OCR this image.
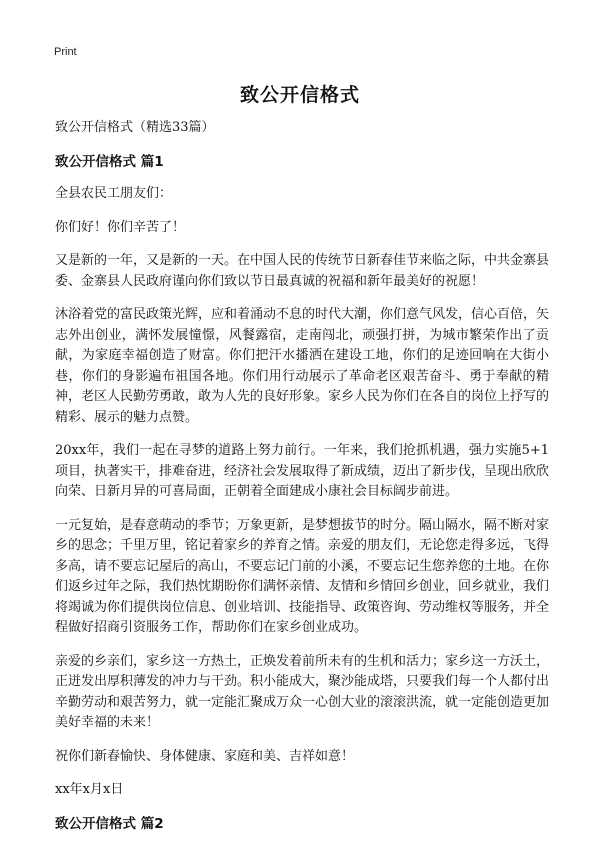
Print
致公开信格式

致公开信格式（精选33篇）

致公开信格式 篇1

全县农民工朋友们：

你们好！你们辛苦了！

又是新的一年，又是新的一天。在中国人民的传统节日新春佳节来临之际，中共金寨县委、金寨县人民政府谨向你们致以节日最真诚的祝福和新年最美好的祝愿！

沐浴着党的富民政策光辉，应和着涌动不息的时代大潮，你们意气风发，信心百倍，矢志外出创业，满怀发展憧憬，风餐露宿，走南闯北，顽强打拼，为城市繁荣作出了贡献，为家庭幸福创造了财富。你们把汗水播洒在建设工地，你们的足迹回响在大街小巷，你们的身影遍布祖国各地。你们用行动展示了革命老区艰苦奋斗、勇于奉献的精神，老区人民勤劳勇敢，敢为人先的良好形象。家乡人民为你们在各自的岗位上抒写的精彩、展示的魅力点赞。

20xx年，我们一起在寻梦的道路上努力前行。一年来，我们抢抓机遇，强力实施5+1项目，执著实干，排难奋进，经济社会发展取得了新成绩，迈出了新步伐，呈现出欣欣向荣、日新月异的可喜局面，正朝着全面建成小康社会目标阔步前进。

一元复始，是春意萌动的季节；万象更新，是梦想拔节的时分。隔山隔水，隔不断对家乡的思念；千里万里，铭记着家乡的养育之情。亲爱的朋友们，无论您走得多远，飞得多高，请不要忘记屋后的高山，不要忘记门前的小溪，不要忘记生您养您的土地。在你们返乡过年之际，我们热忱期盼你们满怀亲情、友情和乡情回乡创业，回乡就业，我们将竭诚为你们提供岗位信息、创业培训、技能指导、政策咨询、劳动维权等服务，并全程做好招商引资服务工作，帮助你们在家乡创业成功。

亲爱的乡亲们，家乡这一方热土，正焕发着前所未有的生机和活力；家乡这一方沃土，正迸发出厚积薄发的冲力与干劲。积小能成大，聚沙能成塔，只要我们每一个人都付出辛勤劳动和艰苦努力，就一定能汇聚成万众一心创大业的滚滚洪流，就一定能创造更加美好幸福的未来！

祝你们新春愉快、身体健康、家庭和美、吉祥如意！

xx年x月x日

致公开信格式 篇2
